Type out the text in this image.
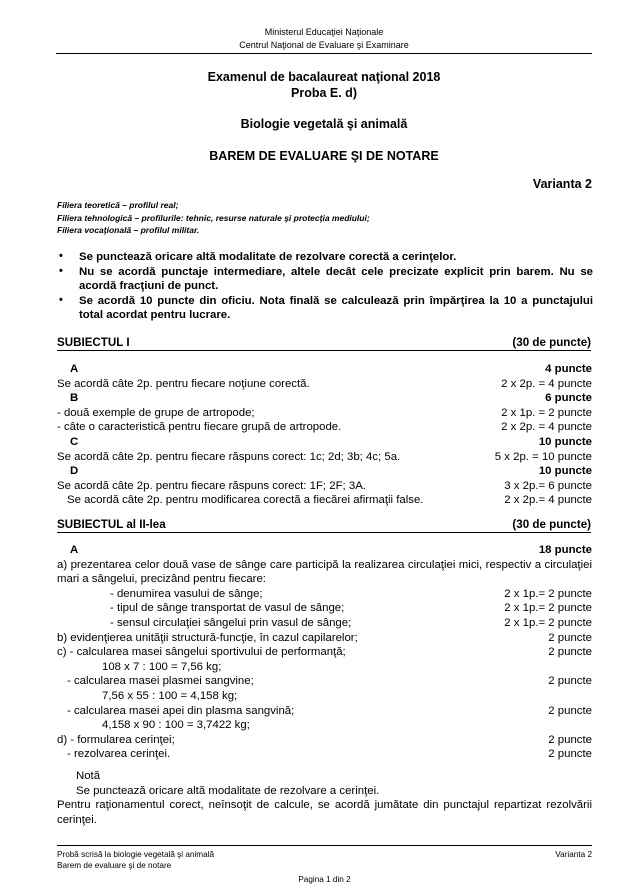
Ministerul Educaţiei Naţionale
Centrul Naţional de Evaluare şi Examinare
Examenul de bacalaureat naţional 2018
Proba E. d)
Biologie vegetală şi animală
BAREM DE EVALUARE ŞI DE NOTARE
Varianta 2
Filiera teoretică – profilul real;
Filiera tehnologică – profilurile: tehnic, resurse naturale şi protecţia mediului;
Filiera vocaţională – profilul militar.
• Se punctează oricare altă modalitate de rezolvare corectă a cerinţelor.
• Nu se acordă punctaje intermediare, altele decât cele precizate explicit prin barem. Nu se acordă fracţiuni de punct.
• Se acordă 10 puncte din oficiu. Nota finală se calculează prin împărţirea la 10 a punctajului total acordat pentru lucrare.
SUBIECTUL I	(30 de puncte)
A	4 puncte
Se acordă câte 2p. pentru fiecare noţiune corectă.	2 x 2p. = 4 puncte
B	6 puncte
- două exemple de grupe de artropode;	2 x 1p. = 2 puncte
- câte o caracteristică pentru fiecare grupă de artropode.	2 x 2p. = 4 puncte
C	10 puncte
Se acordă câte 2p. pentru fiecare răspuns corect: 1c; 2d; 3b; 4c; 5a.	5 x 2p. = 10 puncte
D	10 puncte
Se acordă câte 2p. pentru fiecare răspuns corect: 1F; 2F; 3A.	3 x 2p.= 6 puncte
Se acordă câte 2p. pentru modificarea corectă a fiecărei afirmaţii false.	2 x 2p.= 4 puncte
SUBIECTUL al II-lea	(30 de puncte)
A	18 puncte
a) prezentarea celor două vase de sânge care participă la realizarea circulaţiei mici, respectiv a circulaţiei mari a sângelui, precizând pentru fiecare:
- denumirea vasului de sânge;	2 x 1p.= 2 puncte
- tipul de sânge transportat de vasul de sânge;	2 x 1p.= 2 puncte
- sensul circulaţiei sângelui prin vasul de sânge;	2 x 1p.= 2 puncte
b) evidenţierea unităţii structură-funcţie, în cazul capilarelor;	2 puncte
c) - calcularea masei sângelui sportivului de performanţă;	2 puncte
108 x 7 : 100 = 7,56 kg;
- calcularea masei plasmei sangvine;	2 puncte
7,56 x 55 : 100 = 4,158 kg;
- calcularea masei apei din plasma sangvină;	2 puncte
4,158 x 90 : 100 = 3,7422 kg;
d) - formularea cerinţei;	2 puncte
- rezolvarea cerinţei.	2 puncte
Notă
Se punctează oricare altă modalitate de rezolvare a cerinţei.
Pentru raţionamentul corect, neînsoţit de calcule, se acordă jumătate din punctajul repartizat rezolvării cerinţei.
Probă scrisă la biologie vegetală şi animală	Varianta 2
Barem de evaluare şi de notare
Pagina 1 din 2
